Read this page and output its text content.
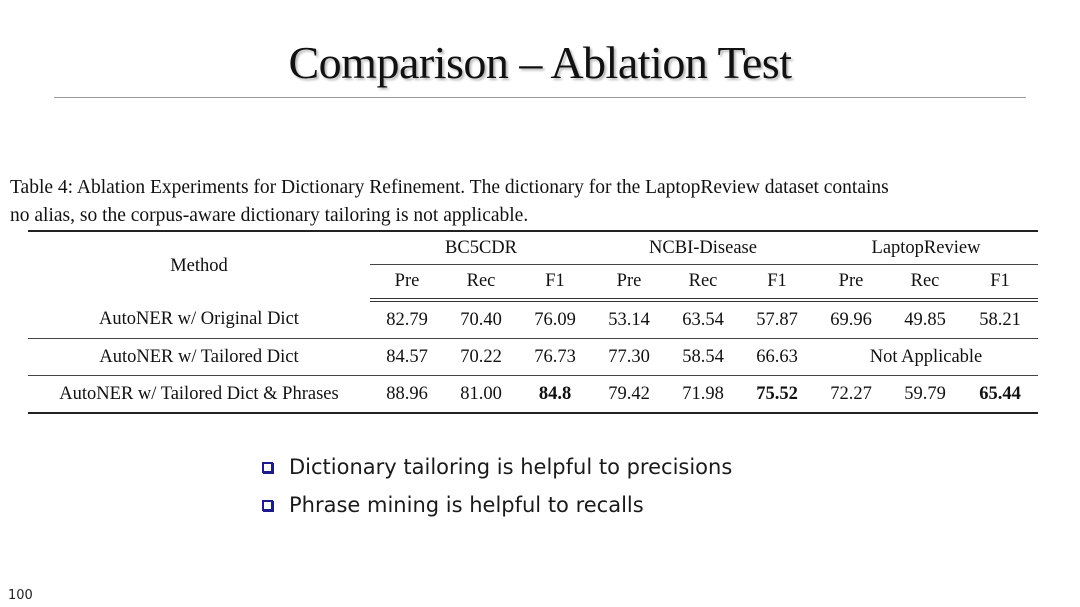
Comparison – Ablation Test
Table 4: Ablation Experiments for Dictionary Refinement. The dictionary for the LaptopReview dataset contains
no alias, so the corpus-aware dictionary tailoring is not applicable.
Method	BC5CDR			NCBI-Disease			LaptopReview		
	Pre	Rec	F1	Pre	Rec	F1	Pre	Rec	F1
AutoNER w/ Original Dict	82.79	70.40	76.09	53.14	63.54	57.87	69.96	49.85	58.21
AutoNER w/ Tailored Dict	84.57	70.22	76.73	77.30	58.54	66.63	Not Applicable		
AutoNER w/ Tailored Dict & Phrases	88.96	81.00	84.8	79.42	71.98	75.52	72.27	59.79	65.44
Dictionary tailoring is helpful to precisions
Phrase mining is helpful to recalls
100
